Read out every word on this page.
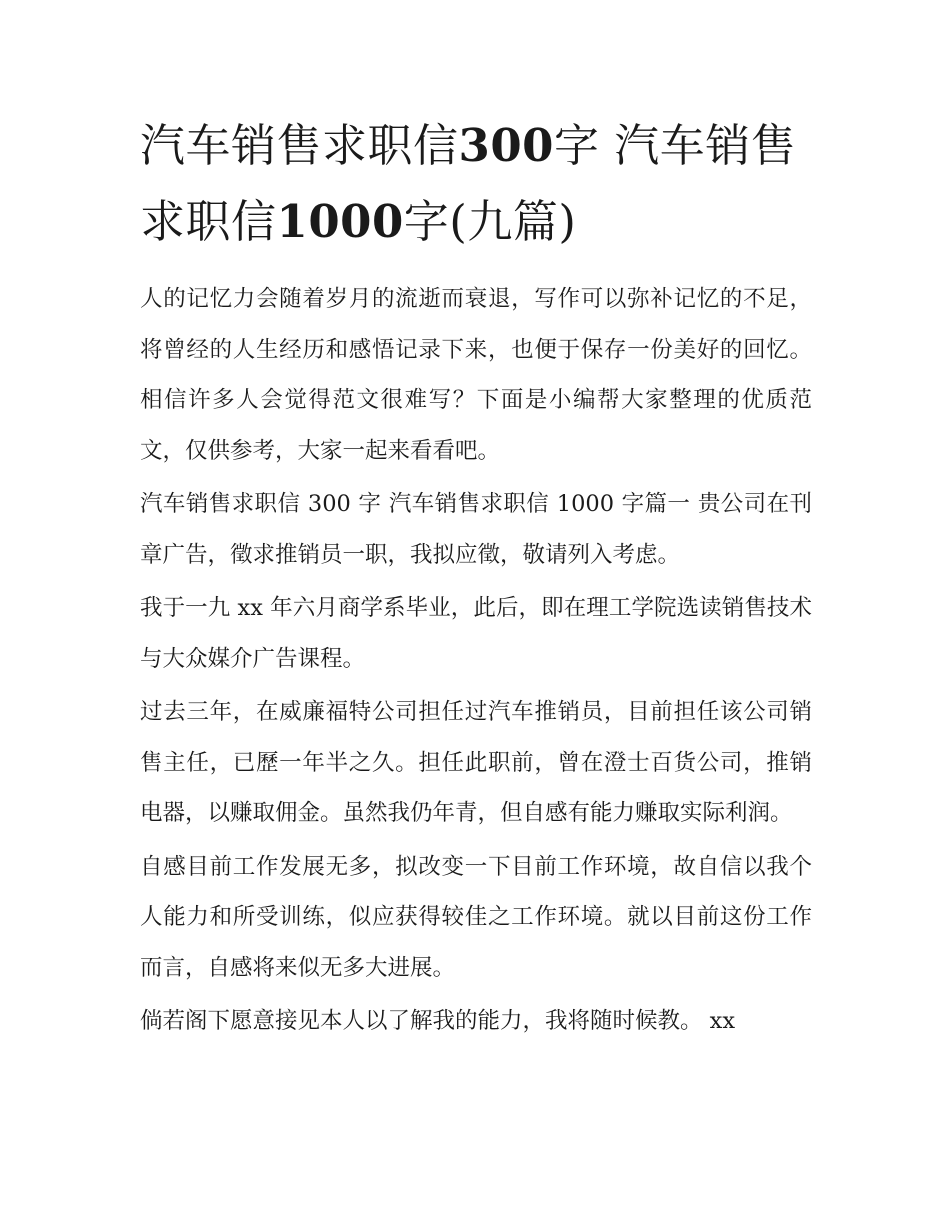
汽车销售求职信300字 汽车销售求职信1000字(九篇)

人的记忆力会随着岁月的流逝而衰退，写作可以弥补记忆的不足，将曾经的人生经历和感悟记录下来，也便于保存一份美好的回忆。相信许多人会觉得范文很难写？下面是小编帮大家整理的优质范文，仅供参考，大家一起来看看吧。

汽车销售求职信 300 字 汽车销售求职信 1000 字篇一 贵公司在刊章广告，徵求推销员一职，我拟应徵，敬请列入考虑。

我于一九 xx 年六月商学系毕业，此后，即在理工学院选读销售技术与大众媒介广告课程。

过去三年，在威廉福特公司担任过汽车推销员，目前担任该公司销售主任，已歷一年半之久。担任此职前，曾在澄士百货公司，推销电器，以赚取佣金。虽然我仍年青，但自感有能力赚取实际利润。

自感目前工作发展无多，拟改变一下目前工作环境，故自信以我个人能力和所受训练，似应获得较佳之工作环境。就以目前这份工作而言，自感将来似无多大进展。

倘若阁下愿意接见本人以了解我的能力，我将随时候教。 xx
